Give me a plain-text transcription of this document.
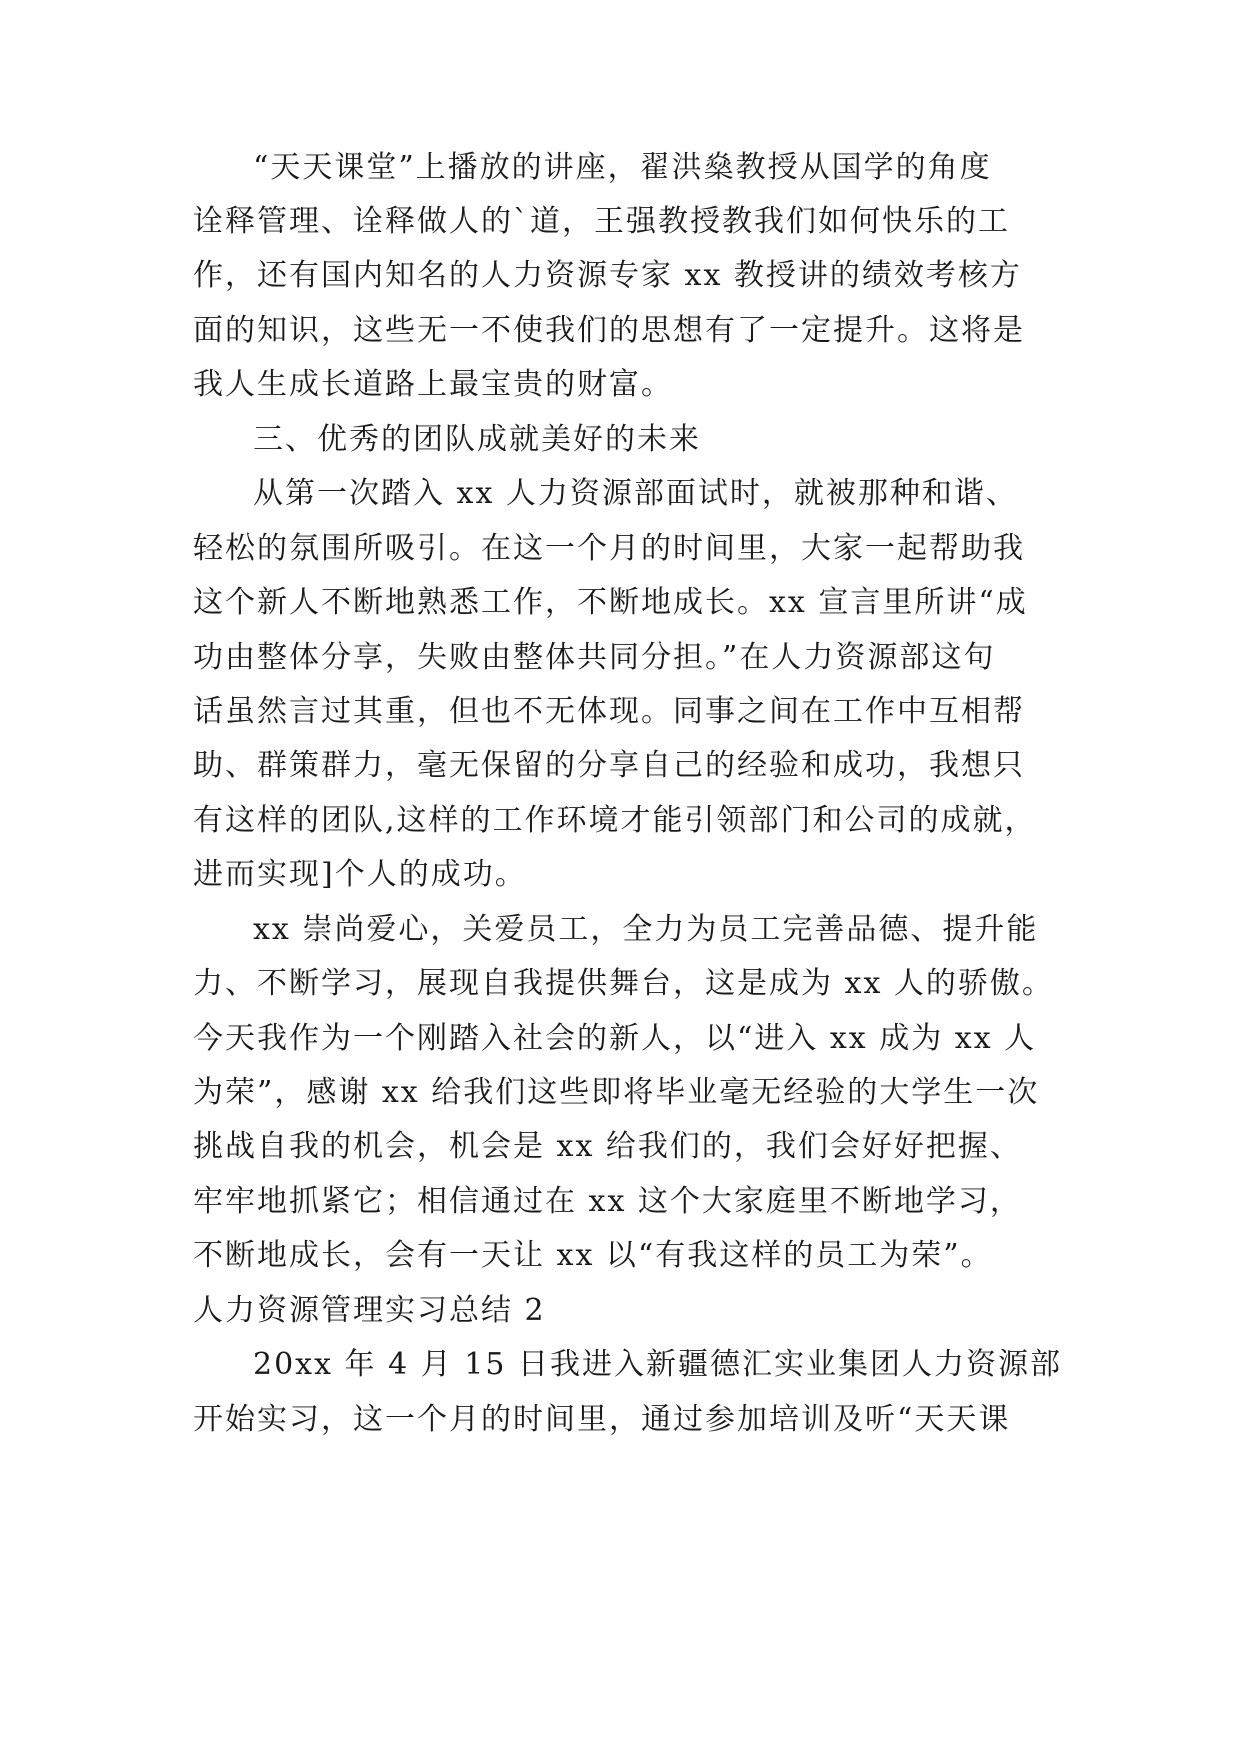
“天天课堂”上播放的讲座，翟洪燊教授从国学的角度
诠释管理、诠释做人的`道，王强教授教我们如何快乐的工
作，还有国内知名的人力资源专家 xx 教授讲的绩效考核方
面的知识，这些无一不使我们的思想有了一定提升。这将是
我人生成长道路上最宝贵的财富。
三、优秀的团队成就美好的未来
从第一次踏入 xx 人力资源部面试时，就被那种和谐、
轻松的氛围所吸引。在这一个月的时间里，大家一起帮助我
这个新人不断地熟悉工作，不断地成长。xx 宣言里所讲“成
功由整体分享，失败由整体共同分担。”在人力资源部这句
话虽然言过其重，但也不无体现。同事之间在工作中互相帮
助、群策群力，毫无保留的分享自己的经验和成功，我想只
有这样的团队,这样的工作环境才能引领部门和公司的成就，
进而实现]个人的成功。
xx 崇尚爱心，关爱员工，全力为员工完善品德、提升能
力、不断学习，展现自我提供舞台，这是成为 xx 人的骄傲。
今天我作为一个刚踏入社会的新人，以“进入 xx 成为 xx 人
为荣”，感谢 xx 给我们这些即将毕业毫无经验的大学生一次
挑战自我的机会，机会是 xx 给我们的，我们会好好把握、
牢牢地抓紧它；相信通过在 xx 这个大家庭里不断地学习，
不断地成长，会有一天让 xx 以“有我这样的员工为荣”。
人力资源管理实习总结 2
20xx 年 4 月 15 日我进入新疆德汇实业集团人力资源部
开始实习，这一个月的时间里，通过参加培训及听“天天课
